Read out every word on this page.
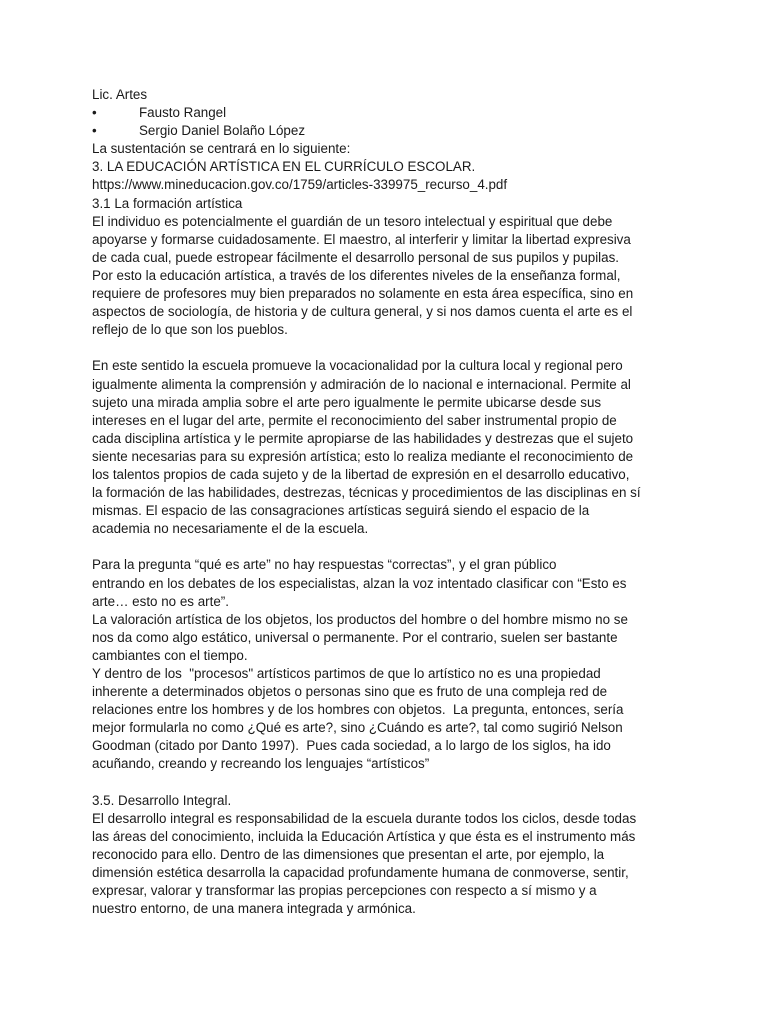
Lic. Artes
•	Fausto Rangel
•	Sergio Daniel Bolaño López
La sustentación se centrará en lo siguiente:
3. LA EDUCACIÓN ARTÍSTICA EN EL CURRÍCULO ESCOLAR.
https://www.mineducacion.gov.co/1759/articles-339975_recurso_4.pdf
3.1 La formación artística
El individuo es potencialmente el guardián de un tesoro intelectual y espiritual que debe
apoyarse y formarse cuidadosamente. El maestro, al interferir y limitar la libertad expresiva
de cada cual, puede estropear fácilmente el desarrollo personal de sus pupilos y pupilas.
Por esto la educación artística, a través de los diferentes niveles de la enseñanza formal,
requiere de profesores muy bien preparados no solamente en esta área específica, sino en
aspectos de sociología, de historia y de cultura general, y si nos damos cuenta el arte es el
reflejo de lo que son los pueblos.
En este sentido la escuela promueve la vocacionalidad por la cultura local y regional pero
igualmente alimenta la comprensión y admiración de lo nacional e internacional. Permite al
sujeto una mirada amplia sobre el arte pero igualmente le permite ubicarse desde sus
intereses en el lugar del arte, permite el reconocimiento del saber instrumental propio de
cada disciplina artística y le permite apropiarse de las habilidades y destrezas que el sujeto
siente necesarias para su expresión artística; esto lo realiza mediante el reconocimiento de
los talentos propios de cada sujeto y de la libertad de expresión en el desarrollo educativo,
la formación de las habilidades, destrezas, técnicas y procedimientos de las disciplinas en sí
mismas. El espacio de las consagraciones artísticas seguirá siendo el espacio de la
academia no necesariamente el de la escuela.
Para la pregunta “qué es arte” no hay respuestas “correctas”, y el gran público
entrando en los debates de los especialistas, alzan la voz intentado clasificar con “Esto es
arte… esto no es arte”.
La valoración artística de los objetos, los productos del hombre o del hombre mismo no se
nos da como algo estático, universal o permanente. Por el contrario, suelen ser bastante
cambiantes con el tiempo.
Y dentro de los  "procesos" artísticos partimos de que lo artístico no es una propiedad
inherente a determinados objetos o personas sino que es fruto de una compleja red de
relaciones entre los hombres y de los hombres con objetos.  La pregunta, entonces, sería
mejor formularla no como ¿Qué es arte?, sino ¿Cuándo es arte?, tal como sugirió Nelson
Goodman (citado por Danto 1997).  Pues cada sociedad, a lo largo de los siglos, ha ido
acuñando, creando y recreando los lenguajes “artísticos”
3.5. Desarrollo Integral.
El desarrollo integral es responsabilidad de la escuela durante todos los ciclos, desde todas
las áreas del conocimiento, incluida la Educación Artística y que ésta es el instrumento más
reconocido para ello. Dentro de las dimensiones que presentan el arte, por ejemplo, la
dimensión estética desarrolla la capacidad profundamente humana de conmoverse, sentir,
expresar, valorar y transformar las propias percepciones con respecto a sí mismo y a
nuestro entorno, de una manera integrada y armónica.
